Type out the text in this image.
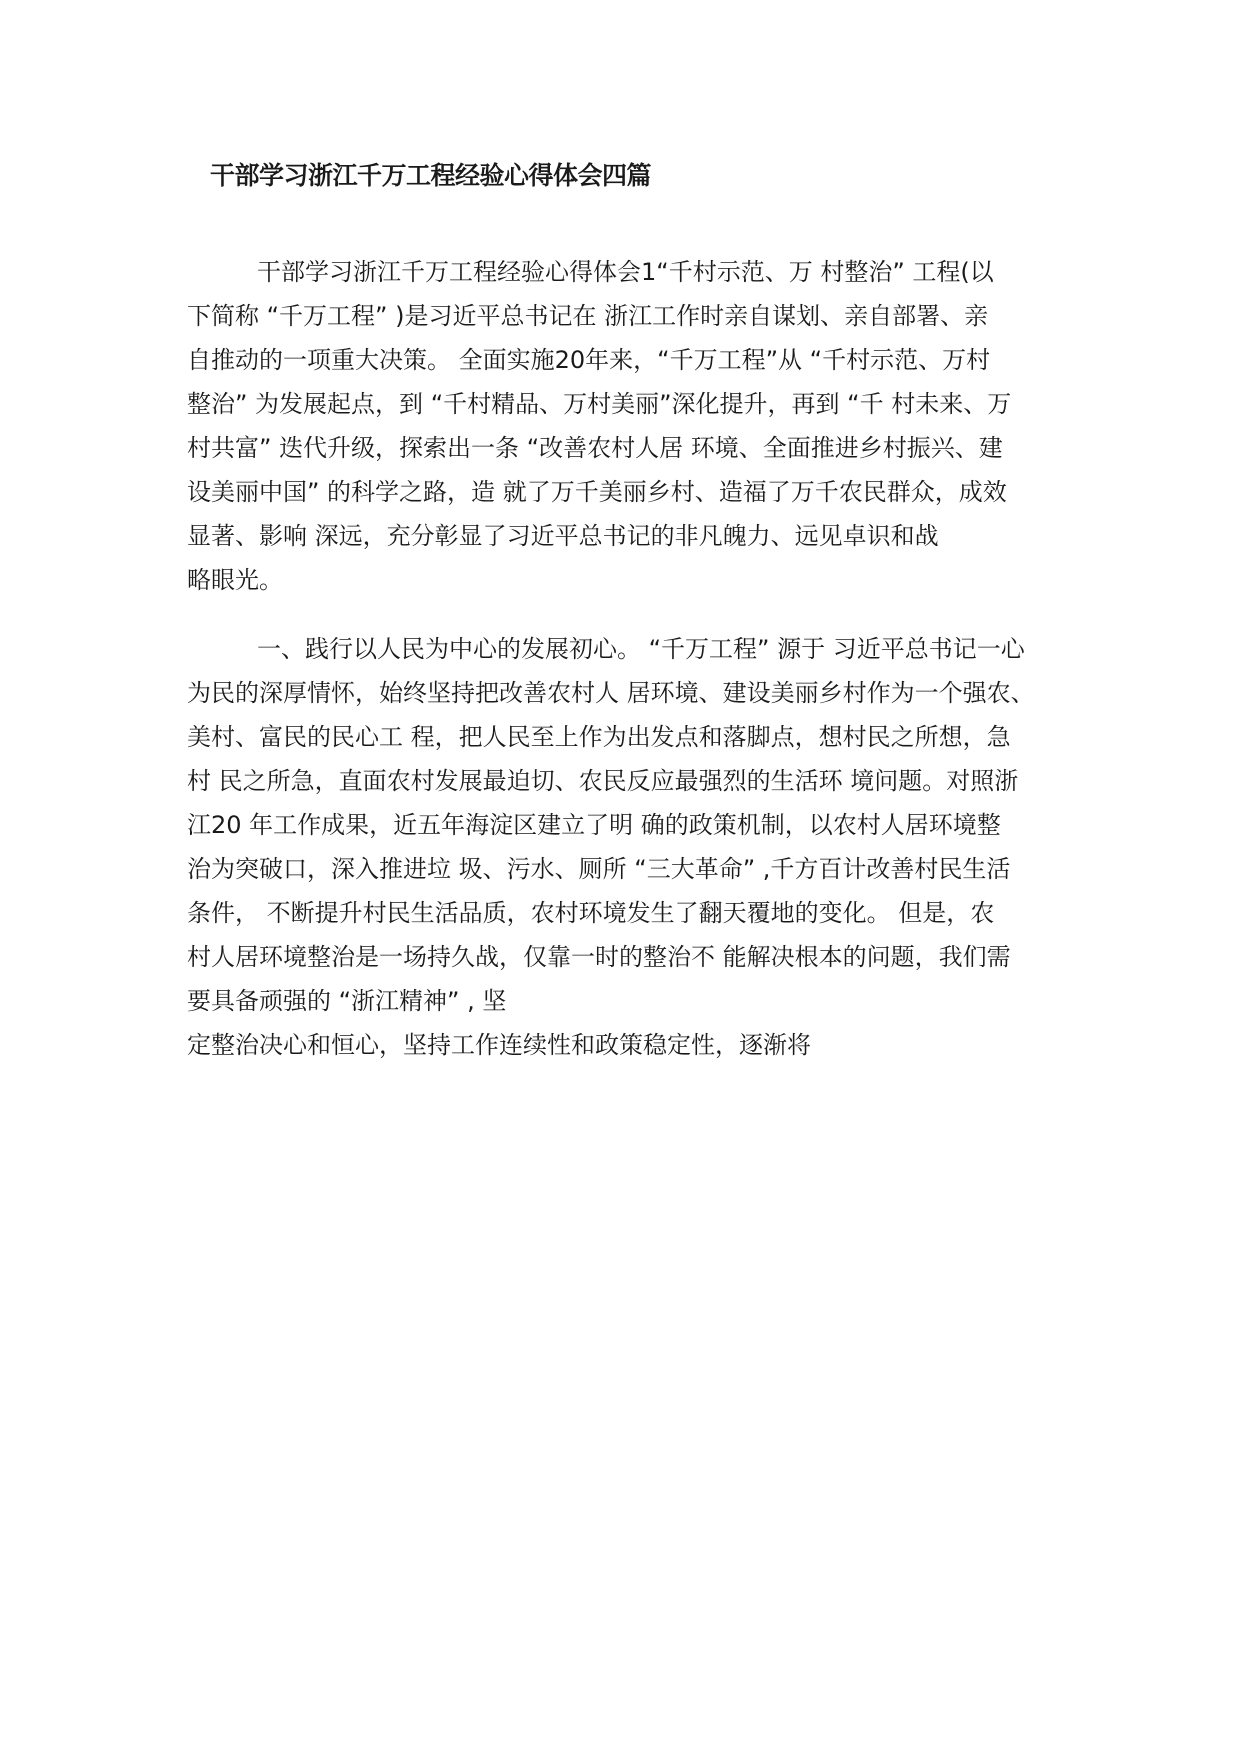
干部学习浙江千万工程经验心得体会四篇
干部学习浙江千万工程经验心得体会1“千村示范、万 村整治” 工程(以
下简称 “千万工程” )是习近平总书记在 浙江工作时亲自谋划、亲自部署、亲
自推动的一项重大决策。 全面实施20年来，“千万工程”从 “千村示范、万村
整治” 为发展起点，到 “千村精品、万村美丽”深化提升，再到 “千 村未来、万
村共富” 迭代升级，探索出一条 “改善农村人居 环境、全面推进乡村振兴、建
设美丽中国” 的科学之路，造 就了万千美丽乡村、造福了万千农民群众，成效
显著、影响 深远，充分彰显了习近平总书记的非凡魄力、远见卓识和战
略眼光。
一、践行以人民为中心的发展初心。 “千万工程” 源于 习近平总书记一心
为民的深厚情怀，始终坚持把改善农村人 居环境、建设美丽乡村作为一个强农、
美村、富民的民心工 程，把人民至上作为出发点和落脚点，想村民之所想，急
村 民之所急，直面农村发展最迫切、农民反应最强烈的生活环 境问题。对照浙
江20 年工作成果，近五年海淀区建立了明 确的政策机制，以农村人居环境整
治为突破口，深入推进垃 圾、污水、厕所 “三大革命” ,千方百计改善村民生活
条件， 不断提升村民生活品质，农村环境发生了翻天覆地的变化。 但是，农
村人居环境整治是一场持久战，仅靠一时的整治不 能解决根本的问题，我们需
要具备顽强的 “浙江精神” , 坚
定整治决心和恒心，坚持工作连续性和政策稳定性，逐渐将
